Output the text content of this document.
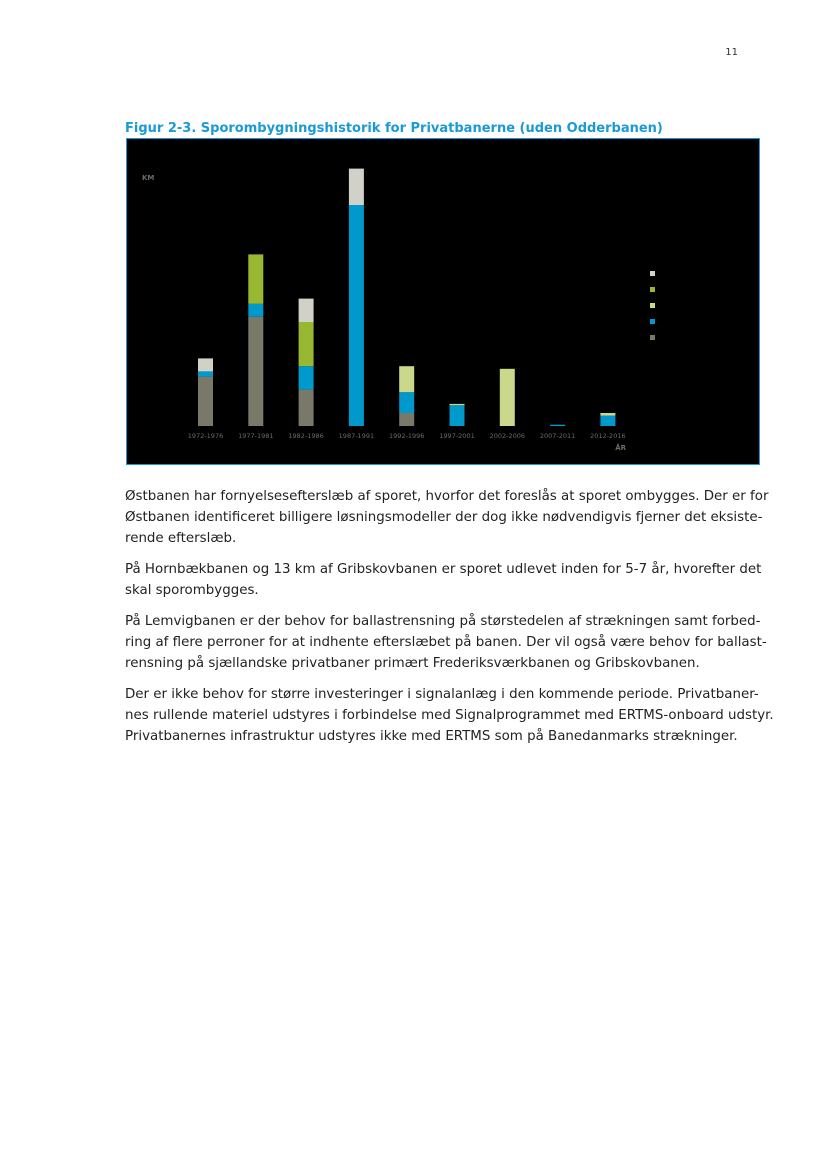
11
Figur 2-3. Sporombygningshistorik for Privatbanerne (uden Odderbanen)
KM
ÅR
1972-1976 1977-1981 1982-1986 1987-1991 1992-1996 1997-2001 2002-2006 2007-2011 2012-2016
Østbanen har fornyelsesefterslæb af sporet, hvorfor det foreslås at sporet ombygges. Der er for
Østbanen identificeret billigere løsningsmodeller der dog ikke nødvendigvis fjerner det eksiste-
rende efterslæb.
På Hornbækbanen og 13 km af Gribskovbanen er sporet udlevet inden for 5-7 år, hvorefter det
skal sporombygges.
På Lemvigbanen er der behov for ballastrensning på størstedelen af strækningen samt forbed-
ring af flere perroner for at indhente efterslæbet på banen. Der vil også være behov for ballast-
rensning på sjællandske privatbaner primært Frederiksværkbanen og Gribskovbanen.
Der er ikke behov for større investeringer i signalanlæg i den kommende periode. Privatbaner-
nes rullende materiel udstyres i forbindelse med Signalprogrammet med ERTMS-onboard udstyr.
Privatbanernes infrastruktur udstyres ikke med ERTMS som på Banedanmarks strækninger.
